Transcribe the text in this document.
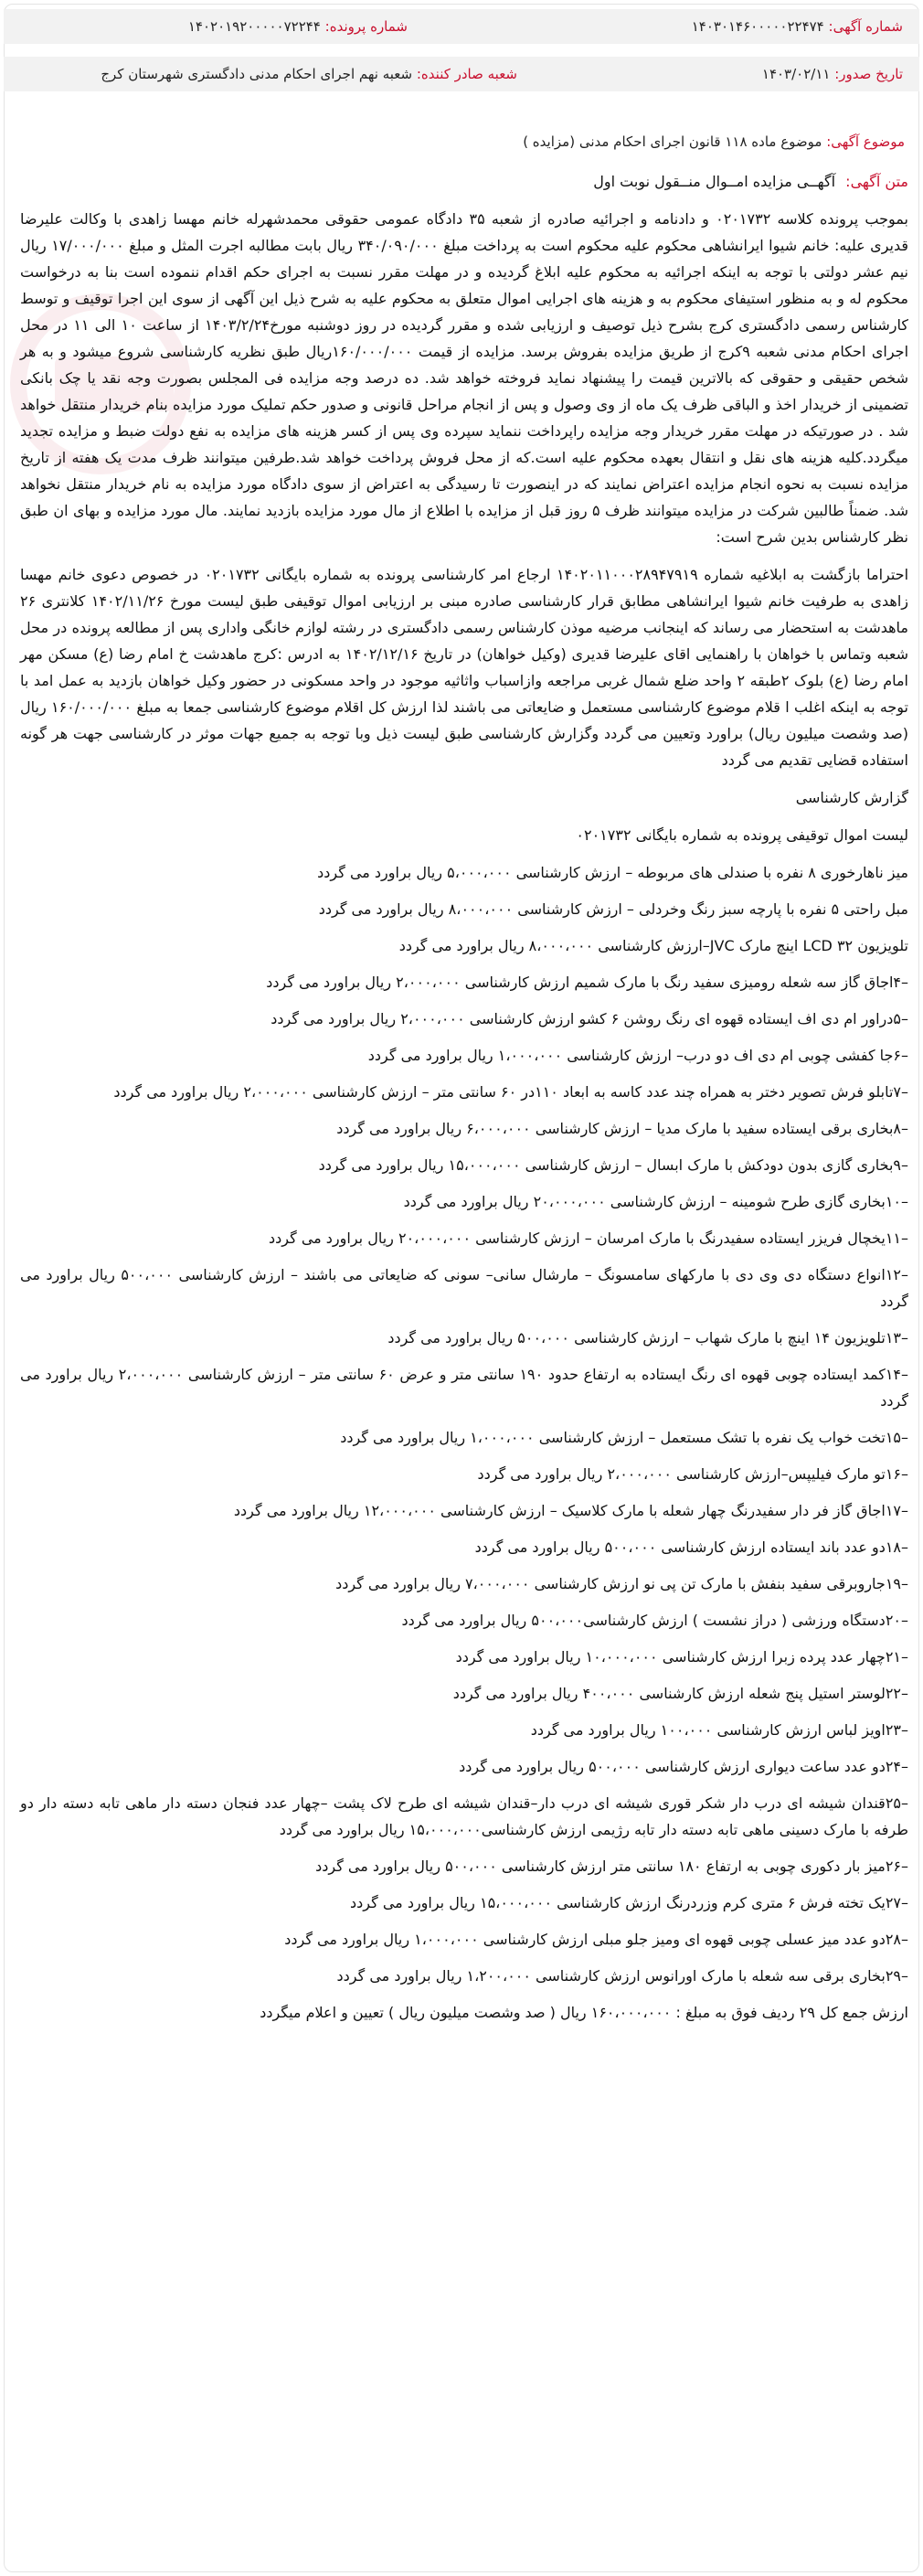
شماره آگهی: ۱۴۰۳۰۱۴۶۰۰۰۰۰۲۲۴۷۴
شماره پرونده: ۱۴۰۲۰۱۹۲۰۰۰۰۰۷۲۲۴۴
تاریخ صدور: ۱۴۰۳/۰۲/۱۱
شعبه صادر کننده: شعبه نهم اجرای احکام مدنی دادگستری شهرستان کرج
موضوع آگهی: موضوع ماده ۱۱۸ قانون اجرای احکام مدنی (مزایده )

متن آگهی: آگهــی مزایده امــوال منــقول نوبت اول

بموجب پرونده کلاسه ۰۲۰۱۷۳۲ و دادنامه و اجرائیه صادره از شعبه ۳۵ دادگاه عمومی حقوقی محمدشهرله خانم مهسا زاهدی با وکالت علیرضا قدیری علیه: خانم شیوا ایرانشاهی محکوم علیه محکوم است به پرداخت مبلغ ۳۴۰/۰۹۰/۰۰۰ ریال بابت مطالبه اجرت المثل و مبلغ ۱۷/۰۰۰/۰۰۰ ریال نیم عشر دولتی با توجه به اینکه اجرائیه به محکوم علیه ابلاغ گردیده و در مهلت مقرر نسبت به اجرای حکم اقدام ننموده است بنا به درخواست محکوم له و به منظور استیفای محکوم به و هزینه های اجرایی اموال متعلق به محکوم علیه به شرح ذیل این آگهی از سوی این اجرا توقیف و توسط کارشناس رسمی دادگستری کرج بشرح ذیل توصیف و ارزیابی شده و مقرر گردیده در روز دوشنبه مورخ۱۴۰۳/۲/۲۴ از ساعت ۱۰ الی ۱۱ در محل اجرای احکام مدنی شعبه ۹کرج از طریق مزایده بفروش برسد. مزایده از قیمت ۱۶۰/۰۰۰/۰۰۰ریال طبق نظریه کارشناسی شروع میشود و به هر شخص حقیقی و حقوقی که بالاترین قیمت را پیشنهاد نماید فروخته خواهد شد. ده درصد وجه مزایده فی المجلس بصورت وجه نقد یا چک بانکی تضمینی از خریدار اخذ و الباقی ظرف یک ماه از وی وصول و پس از انجام مراحل قانونی و صدور حکم تملیک مورد مزایده بنام خریدار منتقل خواهد شد . در صورتیکه در مهلت مقرر خریدار وجه مزایده راپرداخت ننماید سپرده وی پس از کسر هزینه های مزایده به نفع دولت ضبط و مزایده تجدید میگردد.کلیه هزینه های نقل و انتقال بعهده محکوم علیه است.که از محل فروش پرداخت خواهد شد.طرفین میتوانند ظرف مدت یک هفته از تاریخ مزایده نسبت به نحوه انجام مزایده اعتراض نمایند که در اینصورت تا رسیدگی به اعتراض از سوی دادگاه مورد مزایده به نام خریدار منتقل نخواهد شد. ضمناً طالبین شرکت در مزایده میتوانند ظرف ۵ روز قبل از مزایده با اطلاع از مال مورد مزایده بازدید نمایند. مال مورد مزایده و بهای ان طبق نظر کارشناس بدین شرح است:

احتراما بازگشت به ابلاغیه شماره ۱۴۰۲۰۱۱۰۰۰۲۸۹۴۷۹۱۹ ارجاع امر کارشناسی پرونده به شماره بایگانی ۰۲۰۱۷۳۲ در خصوص دعوی خانم مهسا زاهدی به طرفیت خانم شیوا ایرانشاهی مطابق قرار کارشناسی صادره مبنی بر ارزیابی اموال توقیفی طبق لیست مورخ ۱۴۰۲/۱۱/۲۶ کلانتری ۲۶ ماهدشت به استحضار می رساند که اینجانب مرضیه موذن کارشناس رسمی دادگستری در رشته لوازم خانگی واداری پس از مطالعه پرونده در محل شعبه وتماس با خواهان با راهنمایی اقای علیرضا قدیری (وکیل خواهان) در تاریخ ۱۴۰۲/۱۲/۱۶ به ادرس :کرج ماهدشت خ امام رضا (ع) مسکن مهر امام رضا (ع) بلوک ۲طبقه ۲ واحد ضلع شمال غربی مراجعه وازاسباب واثاثیه موجود در واحد مسکونی در حضور وکیل خواهان بازدید به عمل امد با توجه به اینکه اغلب ا قلام موضوع کارشناسی مستعمل و ضایعاتی می باشند لذا ارزش کل اقلام موضوع کارشناسی جمعا به مبلغ ۱۶۰/۰۰۰/۰۰۰ ریال (صد وشصت میلیون ریال) براورد وتعیین می گردد وگزارش کارشناسی طبق لیست ذیل وبا توجه به جمیع جهات موثر در کارشناسی جهت هر گونه استفاده قضایی تقدیم می گردد

گزارش کارشناسی

لیست اموال توقیفی پرونده به شماره بایگانی ۰۲۰۱۷۳۲

میز ناهارخوری ۸ نفره با صندلی های مربوطه – ارزش کارشناسی ۵،۰۰۰،۰۰۰ ریال براورد می گردد
مبل راحتی ۵ نفره با پارچه سبز رنگ وخردلی – ارزش کارشناسی ۸،۰۰۰،۰۰۰ ریال براورد می گردد
تلویزیون ۳۲ LCD اینچ مارک JVC–ارزش کارشناسی ۸،۰۰۰،۰۰۰ ریال براورد می گردد
–۴اجاق گاز سه شعله رومیزی سفید رنگ با مارک شمیم ارزش کارشناسی ۲،۰۰۰،۰۰۰ ریال براورد می گردد
–۵دراور ام دی اف ایستاده قهوه ای رنگ روشن ۶ کشو ارزش کارشناسی ۲،۰۰۰،۰۰۰ ریال براورد می گردد
–۶جا کفشی چوبی ام دی اف دو درب– ارزش کارشناسی ۱،۰۰۰،۰۰۰ ریال براورد می گردد
–۷تابلو فرش تصویر دختر به همراه چند عدد کاسه به ابعاد ۱۱۰در ۶۰ سانتی متر – ارزش کارشناسی ۲،۰۰۰،۰۰۰ ریال براورد می گردد
–۸بخاری برقی ایستاده سفید با مارک مدیا – ارزش کارشناسی ۶،۰۰۰،۰۰۰ ریال براورد می گردد
–۹بخاری گازی بدون دودکش با مارک ابسال – ارزش کارشناسی ۱۵،۰۰۰،۰۰۰ ریال براورد می گردد
–۱۰بخاری گازی طرح شومینه – ارزش کارشناسی ۲۰،۰۰۰،۰۰۰ ریال براورد می گردد
–۱۱یخچال فریزر ایستاده سفیدرنگ با مارک امرسان – ارزش کارشناسی ۲۰،۰۰۰،۰۰۰ ریال براورد می گردد
–۱۲انواع دستگاه دی وی دی با مارکهای سامسونگ – مارشال سانی– سونی که ضایعاتی می باشند – ارزش کارشناسی ۵۰۰،۰۰۰ ریال براورد می گردد
–۱۳تلویزیون ۱۴ اینچ با مارک شهاب – ارزش کارشناسی ۵۰۰،۰۰۰ ریال براورد می گردد
–۱۴کمد ایستاده چوبی قهوه ای رنگ ایستاده به ارتفاع حدود ۱۹۰ سانتی متر و عرض ۶۰ سانتی متر – ارزش کارشناسی ۲،۰۰۰،۰۰۰ ریال براورد می گردد
–۱۵تخت خواب یک نفره با تشک مستعمل – ارزش کارشناسی ۱،۰۰۰،۰۰۰ ریال براورد می گردد
–۱۶تو مارک فیلیپس–ارزش کارشناسی ۲،۰۰۰،۰۰۰ ریال براورد می گردد
–۱۷اجاق گاز فر دار سفیدرنگ چهار شعله با مارک کلاسیک – ارزش کارشناسی ۱۲،۰۰۰،۰۰۰ ریال براورد می گردد
–۱۸دو عدد باند ایستاده ارزش کارشناسی ۵۰۰،۰۰۰ ریال براورد می گردد
–۱۹جاروبرقی سفید بنفش با مارک تن پی نو ارزش کارشناسی ۷،۰۰۰،۰۰۰ ریال براورد می گردد
–۲۰دستگاه ورزشی ( دراز نشست ) ارزش کارشناسی۵۰۰،۰۰۰ ریال براورد می گردد
–۲۱چهار عدد پرده زبرا ارزش کارشناسی ۱۰،۰۰۰،۰۰۰ ریال براورد می گردد
–۲۲لوستر استیل پنج شعله ارزش کارشناسی ۴۰۰،۰۰۰ ریال براورد می گردد
–۲۳اویز لباس ارزش کارشناسی ۱۰۰،۰۰۰ ریال براورد می گردد
–۲۴دو عدد ساعت دیواری ارزش کارشناسی ۵۰۰،۰۰۰ ریال براورد می گردد
–۲۵قندان شیشه ای درب دار شکر قوری شیشه ای درب دار–قندان شیشه ای طرح لاک پشت –چهار عدد فنجان دسته دار ماهی تابه دسته دار دو طرفه با مارک دسینی ماهی تابه دسته دار تابه رژیمی ارزش کارشناسی۱۵،۰۰۰،۰۰۰ ریال براورد می گردد
–۲۶میز بار دکوری چوبی به ارتفاع ۱۸۰ سانتی متر ارزش کارشناسی ۵۰۰،۰۰۰ ریال براورد می گردد
–۲۷یک تخته فرش ۶ متری کرم وزردرنگ ارزش کارشناسی ۱۵،۰۰۰،۰۰۰ ریال براورد می گردد
–۲۸دو عدد میز عسلی چوبی قهوه ای ومیز جلو مبلی ارزش کارشناسی ۱،۰۰۰،۰۰۰ ریال براورد می گردد
–۲۹بخاری برقی سه شعله با مارک اورانوس ارزش کارشناسی ۱،۲۰۰،۰۰۰ ریال براورد می گردد

ارزش جمع کل ۲۹ ردیف فوق به مبلغ : ۱۶۰،۰۰۰،۰۰۰ ریال ( صد وشصت میلیون ریال ) تعیین و اعلام میگردد
